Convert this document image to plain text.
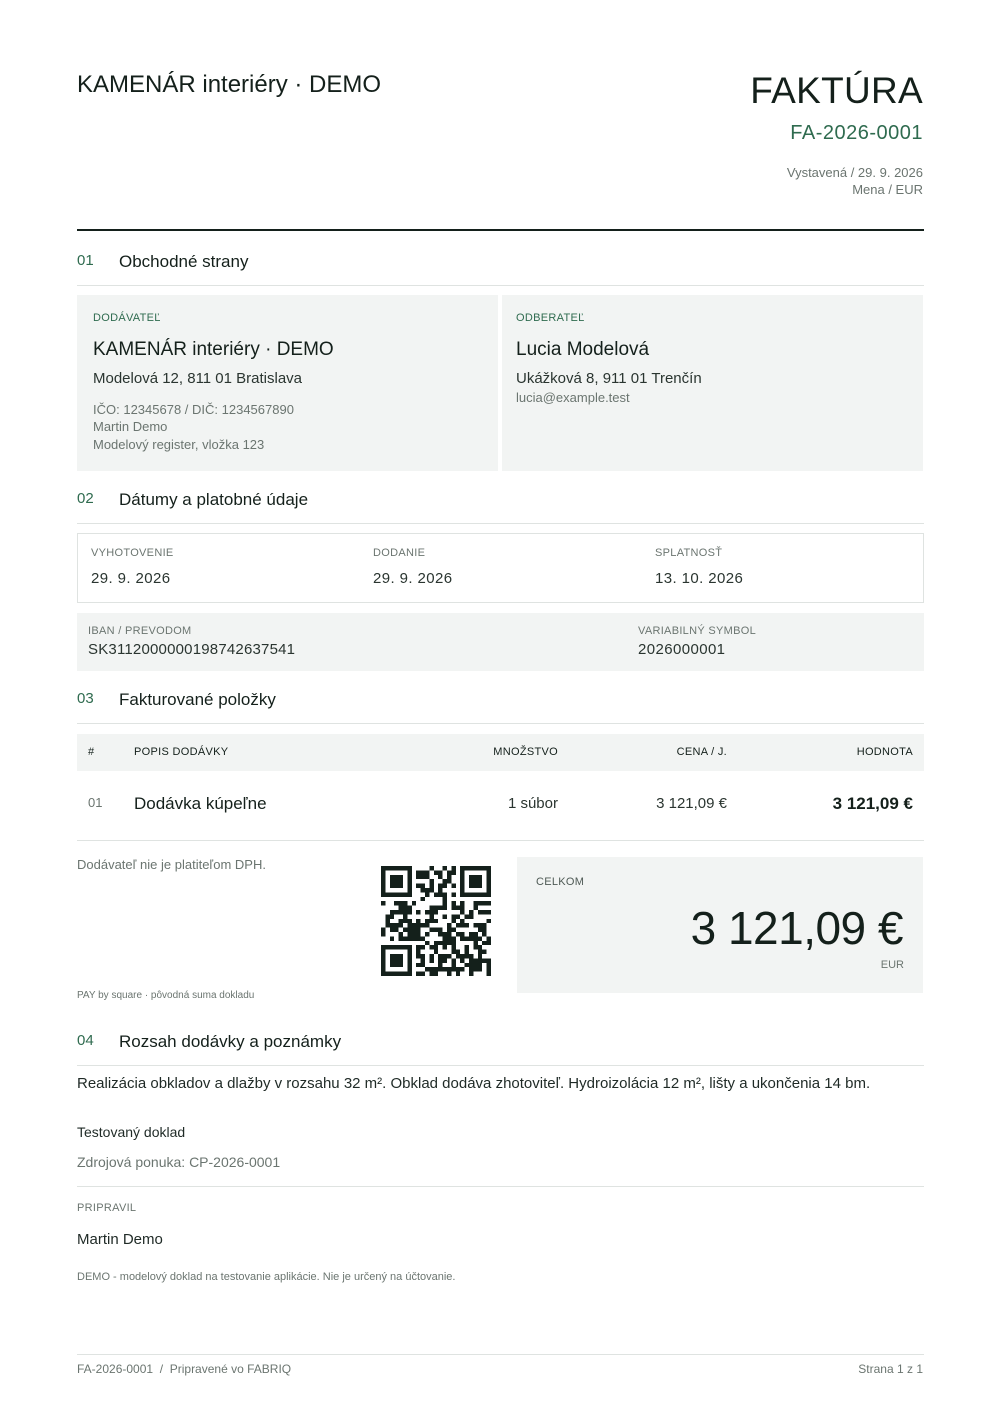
KAMENÁR interiéry · DEMO	FAKTÚRA
FA-2026-0001
Vystavená / 29. 9. 2026
Mena / EUR
01 Obchodné strany
DODÁVATEĽ
KAMENÁR interiéry · DEMO
Modelová 12, 811 01 Bratislava
IČO: 12345678 / DIČ: 1234567890
Martin Demo
Modelový register, vložka 123
ODBERATEĽ
Lucia Modelová
Ukážková 8, 911 01 Trenčín
lucia@example.test
02 Dátumy a platobné údaje
VYHOTOVENIE
29. 9. 2026
DODANIE
29. 9. 2026
SPLATNOSŤ
13. 10. 2026
IBAN / PREVODOM
SK3112000000198742637541
VARIABILNÝ SYMBOL
2026000001
03 Fakturované položky
#	POPIS DODÁVKY	MNOŽSTVO	CENA / J.	HODNOTA
01 Dodávka kúpeľne	1 súbor	3 121,09 €	3 121,09 €
Dodávateľ nie je platiteľom DPH.
PAY by square · pôvodná suma dokladu
CELKOM
3 121,09 €
EUR
04 Rozsah dodávky a poznámky
Realizácia obkladov a dlažby v rozsahu 32 m². Obklad dodáva zhotoviteľ. Hydroizolácia 12 m², lišty a ukončenia 14 bm.
Testovaný doklad
Zdrojová ponuka: CP-2026-0001
PRIPRAVIL
Martin Demo
DEMO - modelový doklad na testovanie aplikácie. Nie je určený na účtovanie.
FA-2026-0001  /  Pripravené vo FABRIQ	Strana 1 z 1
